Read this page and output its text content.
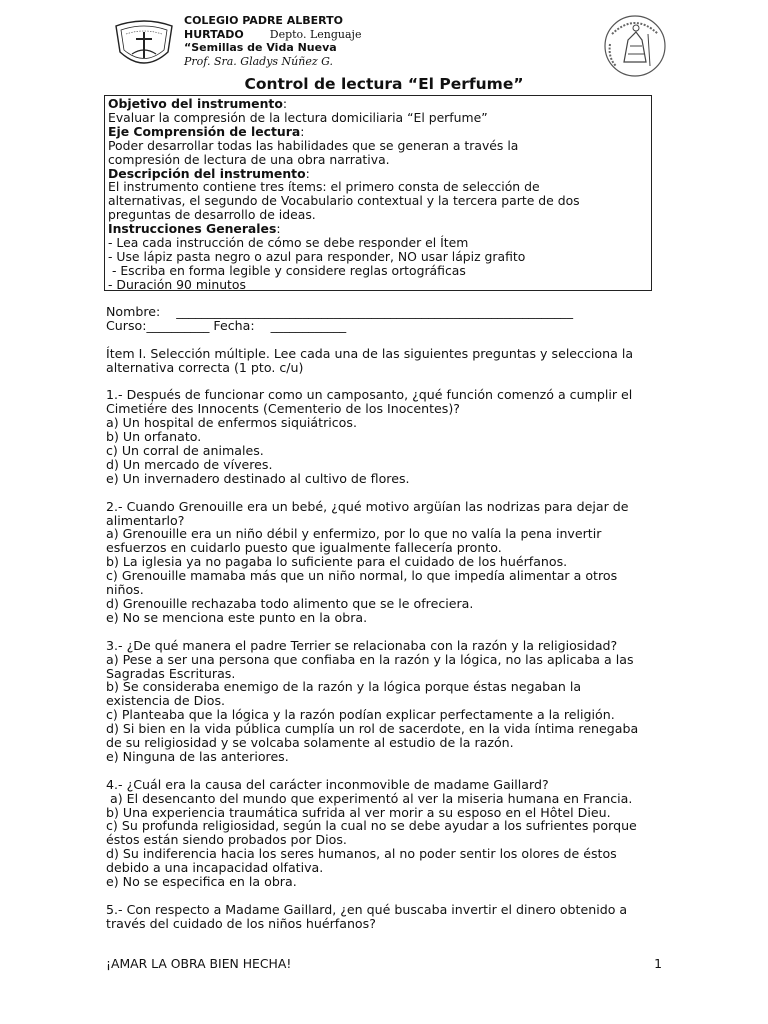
COLEGIO PADRE ALBERTO
HURTADO Depto. Lenguaje
“Semillas de Vida Nueva
Prof. Sra. Gladys Núñez G.
Control de lectura “El Perfume”

Objetivo del instrumento:

Evaluar la compresión de la lectura domiciliaria “El perfume”

Eje Comprensión de lectura:

Poder desarrollar todas las habilidades que se generan a través la

compresión de lectura de una obra narrativa.

Descripción del instrumento:

El instrumento contiene tres ítems: el primero consta de selección de

alternativas, el segundo de Vocabulario contextual y la tercera parte de dos

preguntas de desarrollo de ideas.

Instrucciones Generales:

- Lea cada instrucción de cómo se debe responder el Ítem

- Use lápiz pasta negro o azul para responder, NO usar lápiz grafito

- Escriba en forma legible y considere reglas ortográficas

- Duración 90 minutos

Nombre:    _______________________________________________________________

Curso:__________ Fecha:    ____________

Ítem I. Selección múltiple. Lee cada una de las siguientes preguntas y selecciona la

alternativa correcta (1 pto. c/u)

1.- Después de funcionar como un camposanto, ¿qué función comenzó a cumplir el

Cimetiére des Innocents (Cementerio de los Inocentes)?

a) Un hospital de enfermos siquiátricos.

b) Un orfanato.

c) Un corral de animales.

d) Un mercado de víveres.

e) Un invernadero destinado al cultivo de flores.

2.- Cuando Grenouille era un bebé, ¿qué motivo argüían las nodrizas para dejar de

alimentarlo?

a) Grenouille era un niño débil y enfermizo, por lo que no valía la pena invertir

esfuerzos en cuidarlo puesto que igualmente fallecería pronto.

b) La iglesia ya no pagaba lo suficiente para el cuidado de los huérfanos.

c) Grenouille mamaba más que un niño normal, lo que impedía alimentar a otros

niños.

d) Grenouille rechazaba todo alimento que se le ofreciera.

e) No se menciona este punto en la obra.

3.- ¿De qué manera el padre Terrier se relacionaba con la razón y la religiosidad?

a) Pese a ser una persona que confiaba en la razón y la lógica, no las aplicaba a las

Sagradas Escrituras.

b) Se consideraba enemigo de la razón y la lógica porque éstas negaban la

existencia de Dios.

c) Planteaba que la lógica y la razón podían explicar perfectamente a la religión.

d) Si bien en la vida pública cumplía un rol de sacerdote, en la vida íntima renegaba

de su religiosidad y se volcaba solamente al estudio de la razón.

e) Ninguna de las anteriores.

4.- ¿Cuál era la causa del carácter inconmovible de madame Gaillard?

a) El desencanto del mundo que experimentó al ver la miseria humana en Francia.

b) Una experiencia traumática sufrida al ver morir a su esposo en el Hôtel Dieu.

c) Su profunda religiosidad, según la cual no se debe ayudar a los sufrientes porque

éstos están siendo probados por Dios.

d) Su indiferencia hacia los seres humanos, al no poder sentir los olores de éstos

debido a una incapacidad olfativa.

e) No se especifica en la obra.

5.- Con respecto a Madame Gaillard, ¿en qué buscaba invertir el dinero obtenido a

través del cuidado de los niños huérfanos?

¡AMAR LA OBRA BIEN HECHA!	1
